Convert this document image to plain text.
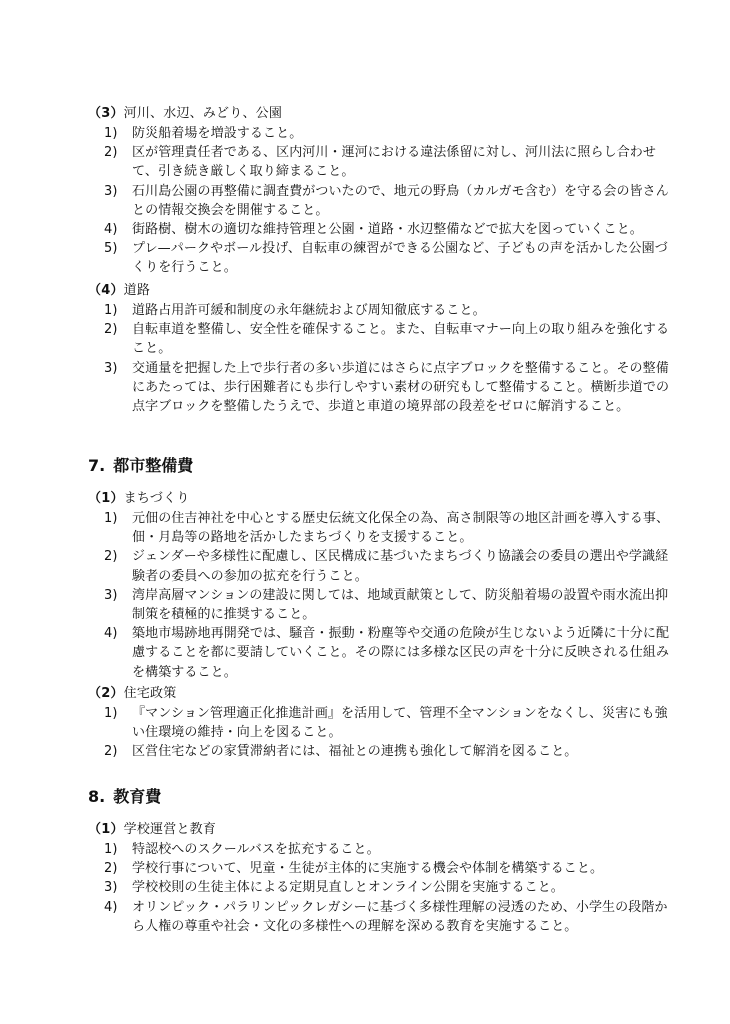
（3）河川、水辺、みどり、公園
1)	防災船着場を増設すること。
2)	区が管理責任者である、区内河川・運河における違法係留に対し、河川法に照らし合わせて、引き続き厳しく取り締まること。
3)	石川島公園の再整備に調査費がついたので、地元の野鳥（カルガモ含む）を守る会の皆さんとの情報交換会を開催すること。
4)	街路樹、樹木の適切な維持管理と公園・道路・水辺整備などで拡大を図っていくこと。
5)	プレ—パークやボール投げ、自転車の練習ができる公園など、子どもの声を活かした公園づくりを行うこと。
（4）道路
1)	道路占用許可緩和制度の永年継続および周知徹底すること。
2)	自転車道を整備し、安全性を確保すること。また、自転車マナー向上の取り組みを強化すること。
3)	交通量を把握した上で歩行者の多い歩道にはさらに点字ブロックを整備すること。その整備にあたっては、歩行困難者にも歩行しやすい素材の研究もして整備すること。横断歩道での点字ブロックを整備したうえで、歩道と車道の境界部の段差をゼロに解消すること。
7. 都市整備費
（1）まちづくり
1)	元佃の住吉神社を中心とする歴史伝統文化保全の為、高さ制限等の地区計画を導入する事、佃・月島等の路地を活かしたまちづくりを支援すること。
2)	ジェンダーや多様性に配慮し、区民構成に基づいたまちづくり協議会の委員の選出や学識経験者の委員への参加の拡充を行うこと。
3)	湾岸高層マンションの建設に関しては、地域貢献策として、防災船着場の設置や雨水流出抑制策を積極的に推奨すること。
4)	築地市場跡地再開発では、騒音・振動・粉塵等や交通の危険が生じないよう近隣に十分に配慮することを都に要請していくこと。その際には多様な区民の声を十分に反映される仕組みを構築すること。
（2）住宅政策
1)	『マンション管理適正化推進計画』を活用して、管理不全マンションをなくし、災害にも強い住環境の維持・向上を図ること。
2)	区営住宅などの家賃滞納者には、福祉との連携も強化して解消を図ること。
8. 教育費
（1）学校運営と教育
1)	特認校へのスクールバスを拡充すること。
2)	学校行事について、児童・生徒が主体的に実施する機会や体制を構築すること。
3)	学校校則の生徒主体による定期見直しとオンライン公開を実施すること。
4)	オリンピック・パラリンピックレガシーに基づく多様性理解の浸透のため、小学生の段階から人権の尊重や社会・文化の多様性への理解を深める教育を実施すること。
